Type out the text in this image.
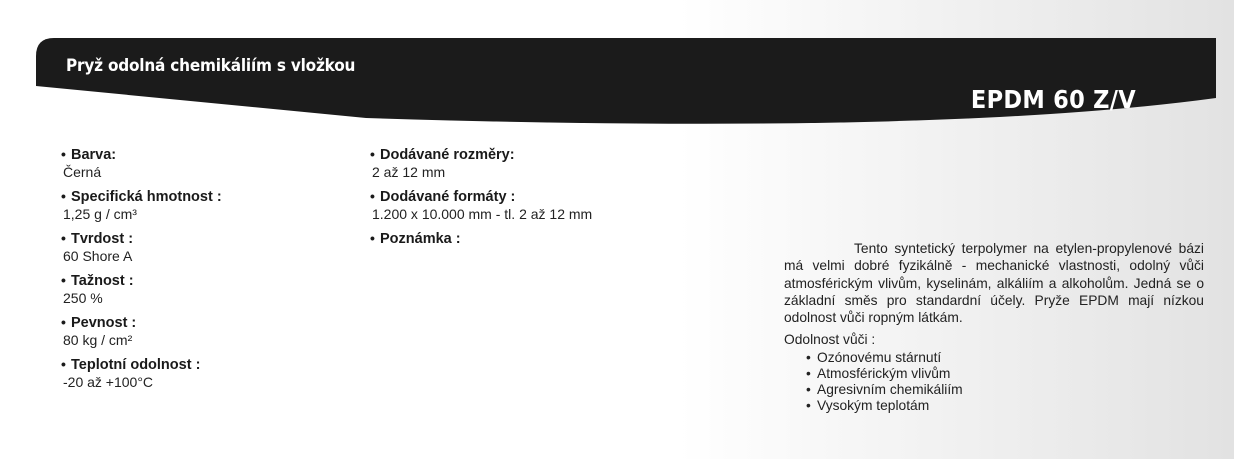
Pryž odolná chemikáliím s vložkou
EPDM 60 Z/V
• Barva:
Černá
• Specifická hmotnost :
1,25 g / cm³
• Tvrdost :
60 Shore A
• Tažnost :
250 %
• Pevnost :
80 kg / cm²
• Teplotní odolnost :
-20 až +100°C
• Dodávané rozměry:
2 až 12 mm
• Dodávané formáty :
1.200 x 10.000 mm - tl. 2 až 12 mm
• Poznámka :
Tento syntetický terpolymer na etylen-propylenové bázi má velmi dobré fyzikálně - mechanické vlastnosti, odolný vůči atmosférickým vlivům, kyselinám, alkáliím a alkoholům. Jedná se o základní směs pro standardní účely. Pryže EPDM mají nízkou odolnost vůči ropným látkám.
Odolnost vůči :
• Ozónovému stárnutí
• Atmosférickým vlivům
• Agresivním chemikáliím
• Vysokým teplotám
